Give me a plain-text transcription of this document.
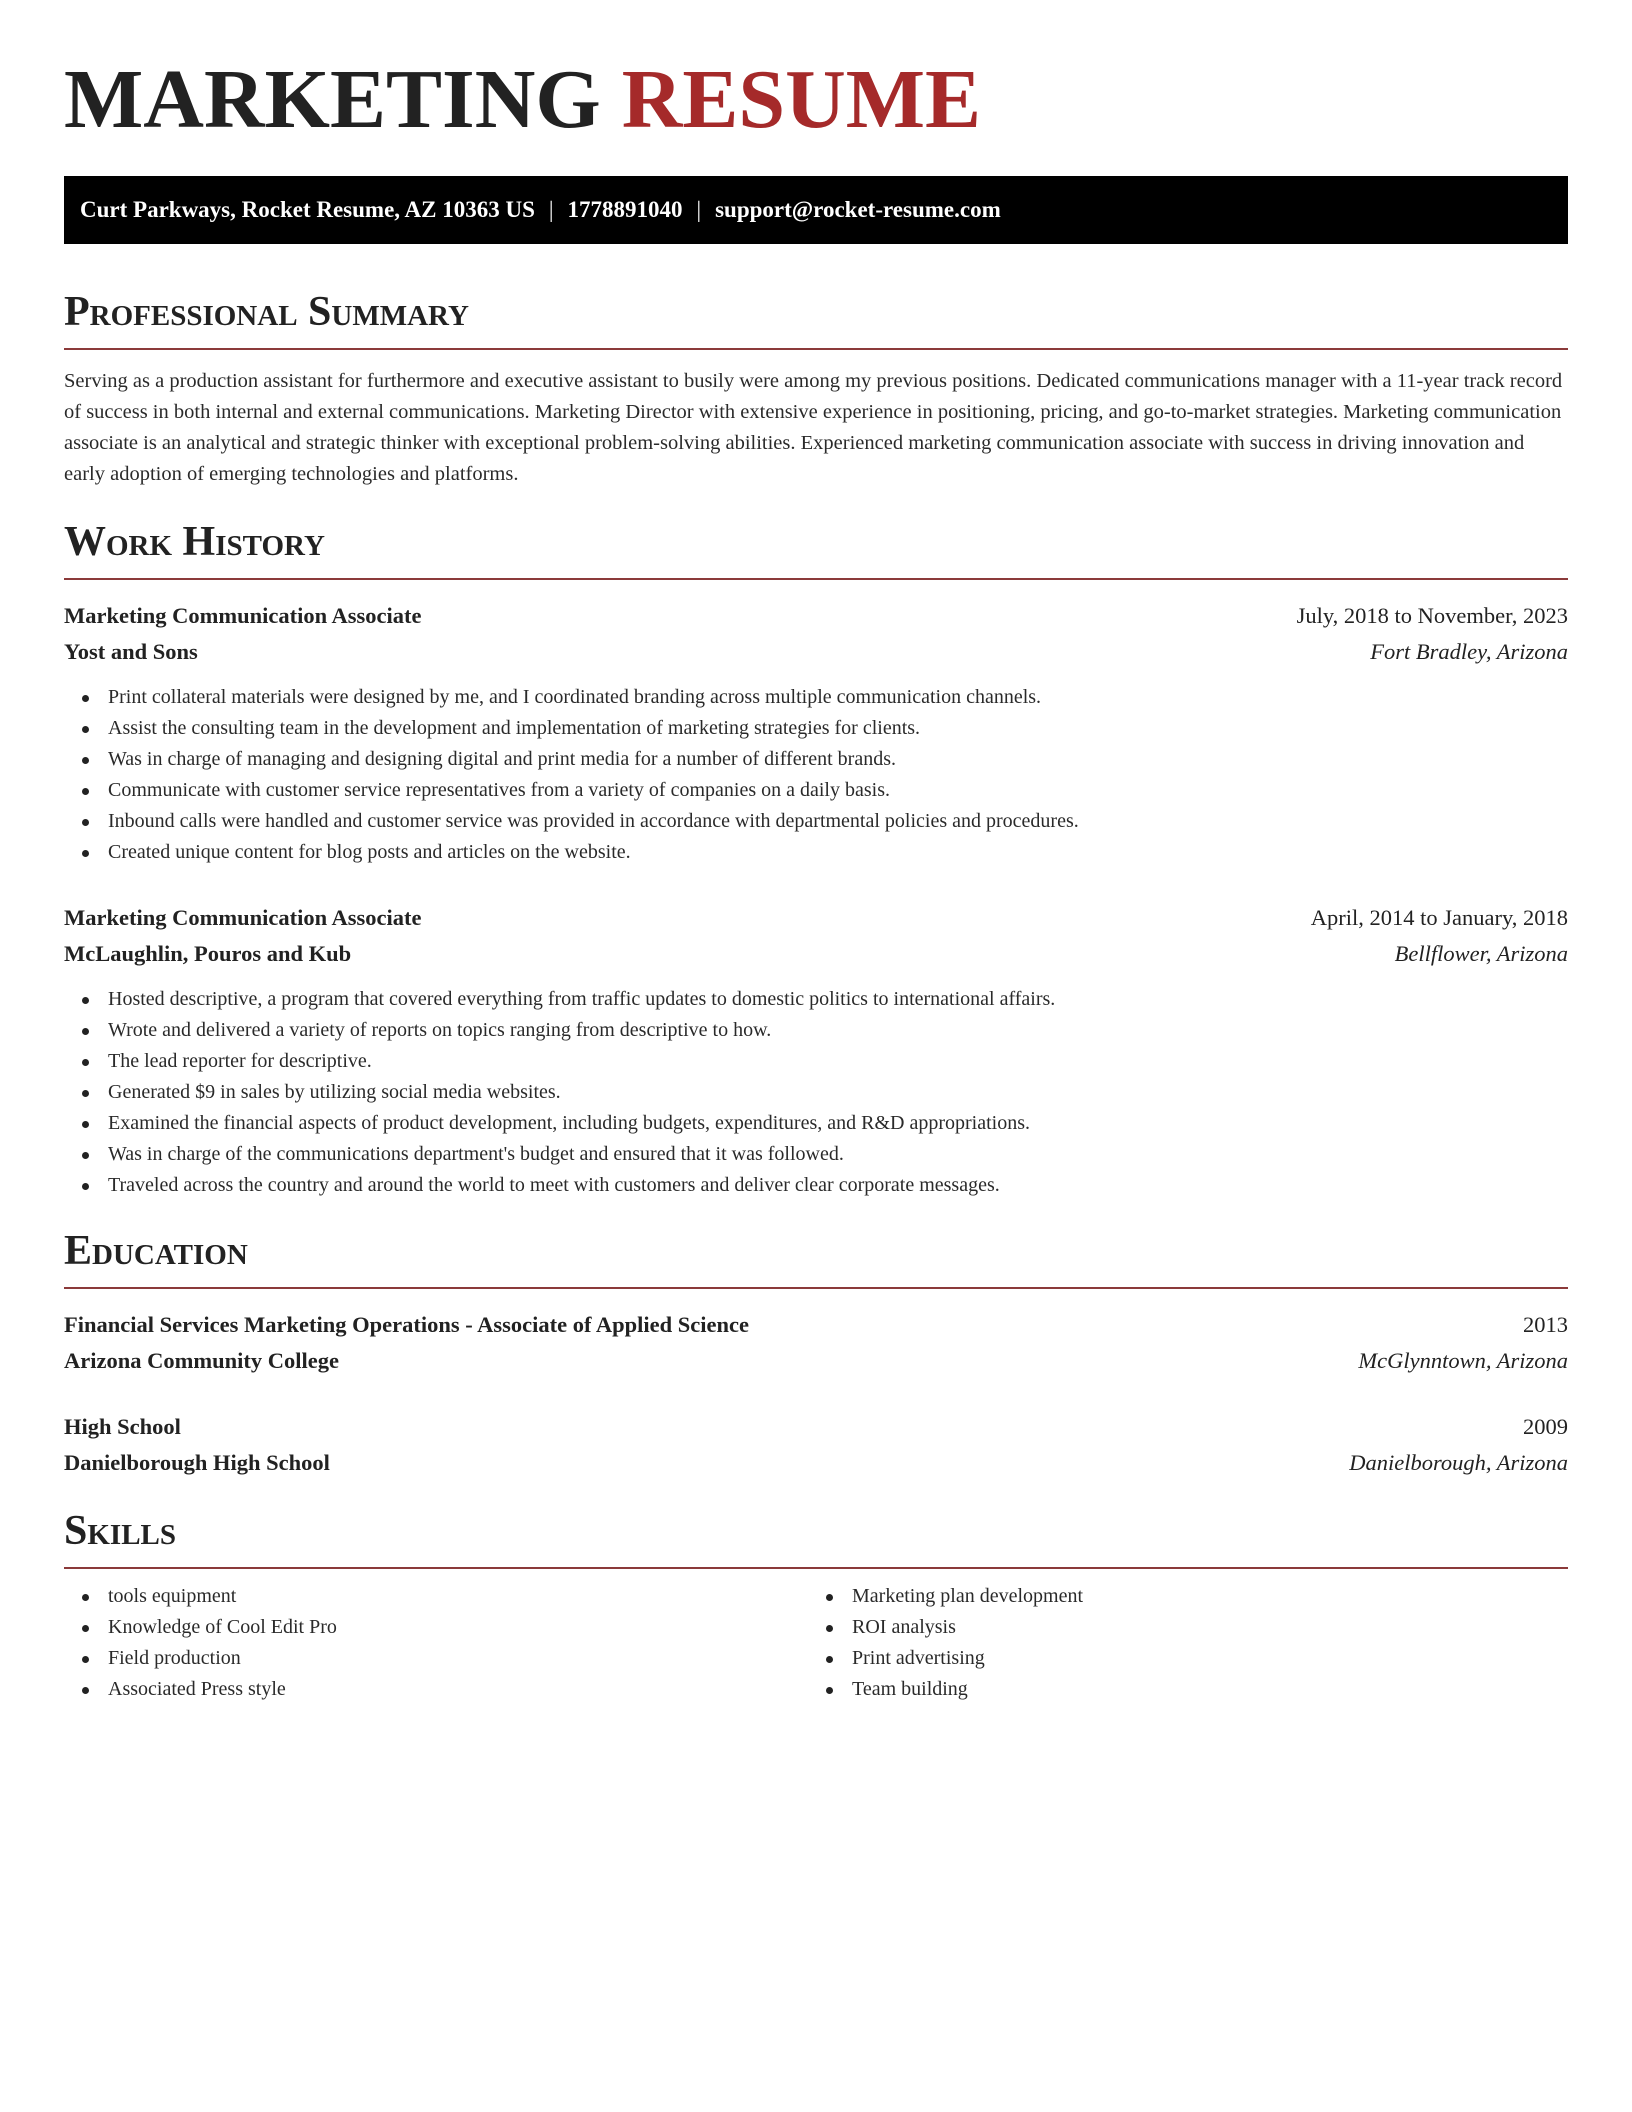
MARKETING RESUME
Curt Parkways, Rocket Resume, AZ 10363 US | 1778891040 | support@rocket-resume.com
Professional Summary

Serving as a production assistant for furthermore and executive assistant to busily were among my previous positions. Dedicated communications manager with a 11-year track record of success in both internal and external communications. Marketing Director with extensive experience in positioning, pricing, and go-to-market strategies. Marketing communication associate is an analytical and strategic thinker with exceptional problem-solving abilities. Experienced marketing communication associate with success in driving innovation and early adoption of emerging technologies and platforms.

Work History
Marketing Communication Associate	July, 2018 to November, 2023
Yost and Sons	Fort Bradley, Arizona
Print collateral materials were designed by me, and I coordinated branding across multiple communication channels.
Assist the consulting team in the development and implementation of marketing strategies for clients.
Was in charge of managing and designing digital and print media for a number of different brands.
Communicate with customer service representatives from a variety of companies on a daily basis.
Inbound calls were handled and customer service was provided in accordance with departmental policies and procedures.
Created unique content for blog posts and articles on the website.
Marketing Communication Associate	April, 2014 to January, 2018
McLaughlin, Pouros and Kub	Bellflower, Arizona
Hosted descriptive, a program that covered everything from traffic updates to domestic politics to international affairs.
Wrote and delivered a variety of reports on topics ranging from descriptive to how.
The lead reporter for descriptive.
Generated $9 in sales by utilizing social media websites.
Examined the financial aspects of product development, including budgets, expenditures, and R&D appropriations.
Was in charge of the communications department's budget and ensured that it was followed.
Traveled across the country and around the world to meet with customers and deliver clear corporate messages.
Education
Financial Services Marketing Operations - Associate of Applied Science	2013
Arizona Community College	McGlynntown, Arizona
High School	2009
Danielborough High School	Danielborough, Arizona
Skills
tools equipment
Knowledge of Cool Edit Pro
Field production
Associated Press style
Marketing plan development
ROI analysis
Print advertising
Team building
